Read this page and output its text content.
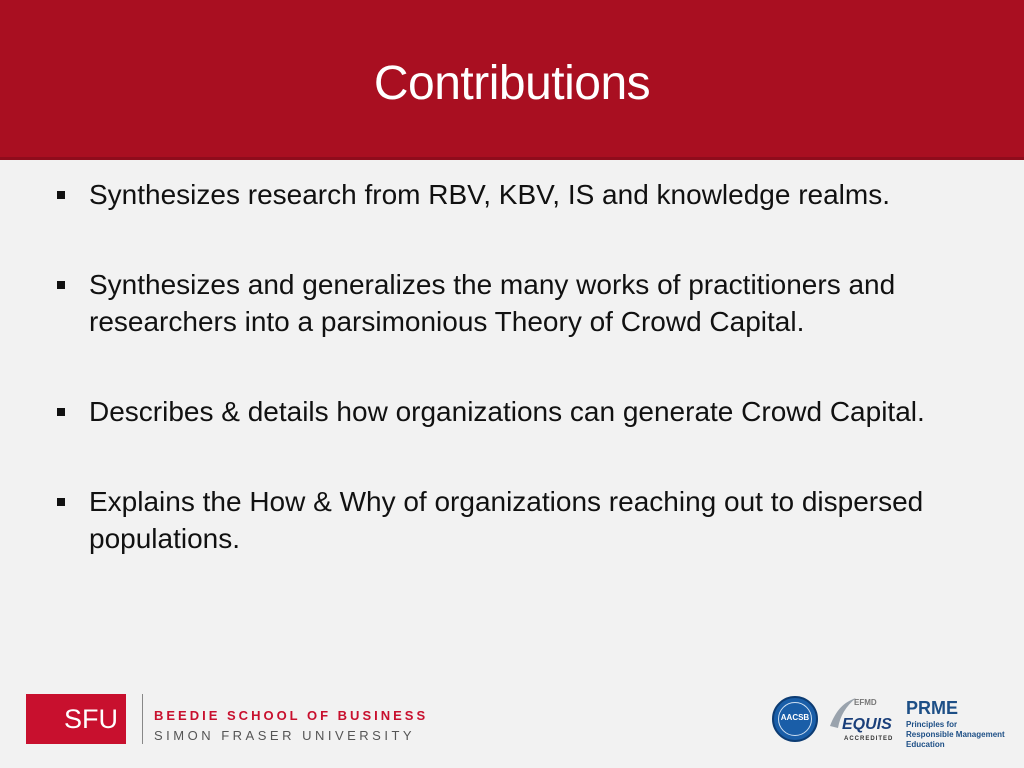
Contributions
Synthesizes research from RBV, KBV, IS and knowledge realms.
Synthesizes and generalizes the many works of practitioners and researchers into a parsimonious Theory of Crowd Capital.
Describes & details how organizations can generate Crowd Capital.
Explains the How & Why of organizations reaching out to dispersed populations.
SFU	BEEDIE SCHOOL OF BUSINESS
SIMON FRASER UNIVERSITY
AACSB
EFMD
EQUIS
ACCREDITED
PRME
Principles for Responsible Management Education
